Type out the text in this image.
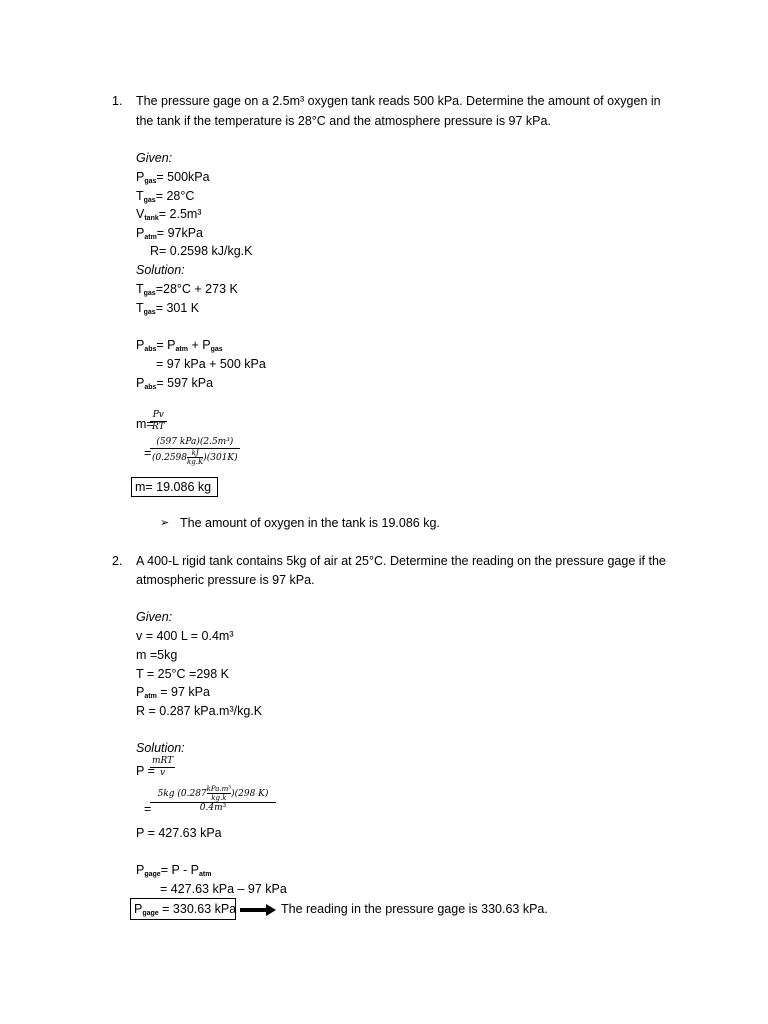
1. The pressure gage on a 2.5m³ oxygen tank reads 500 kPa. Determine the amount of oxygen in
the tank if the temperature is 28°C and the atmosphere pressure is 97 kPa.
Given:
$P_{gas}= 500kPa$
$T_{gas}= 28^\circ C$
$V_{tank}= 2.5m^3$
$P_{atm}= 97kPa$
R= 0.2598 kJ/kg.K
Solution:
$T_{gas}=28^\circ C + 273$ K
$T_{gas}= 301$ K
$P_{abs}= P_{atm} + P_{gas}$
= 97 kPa + 500 kPa
$P_{abs}= 597$ kPa
m=
Pv
RT
=
(597 kPa)(2.5m³)
$(0.2598 \frac{kJ}{kg.K} )(301K)$
m= 19.086 kg
➢ The amount of oxygen in the tank is 19.086 kg.
2. A 400-L rigid tank contains 5kg of air at 25°C. Determine the reading on the pressure gage if the
atmospheric pressure is 97 kPa.
Given:
v = 400 L = 0.4m³
m =5kg
T = 25°C =298 K
$P_{atm} = 97$ kPa
R = 0.287 kPa.m³/kg.K
Solution:
P =
mRT
v
=
5kg (0.287 kPa.m³
kg.k )(298 K)
0.4m³
P = 427.63 kPa
$P_{gage}= P - P_{atm}$
= 427.63 kPa – 97 kPa
$P_{gage} = 330.63$ kPa	The reading in the pressure gage is 330.63 kPa.
